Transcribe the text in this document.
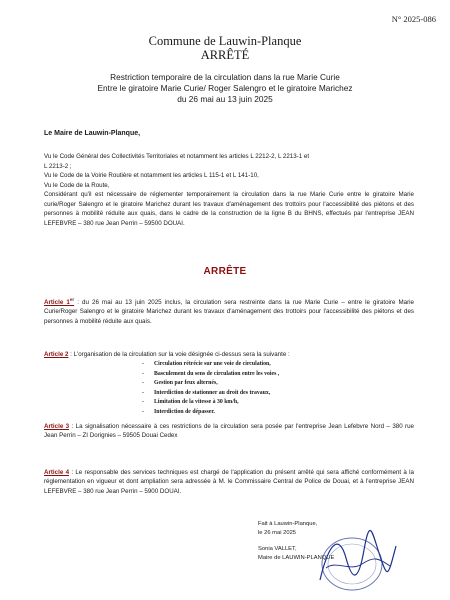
N° 2025-086
Commune de Lauwin-Planque
ARRÊTÉ
Restriction temporaire de la circulation dans la rue Marie Curie
Entre le giratoire Marie Curie/ Roger Salengro et le giratoire Marichez
du 26 mai au 13 juin 2025
Le Maire de Lauwin-Planque,

Vu le Code Général des Collectivités Territoriales et notamment les articles L 2212-2, L 2213-1 et

L 2213-2 ;

Vu le Code de la Voirie Routière et notamment les articles L 115-1 et L 141-10,

Vu le Code de la Route,

Considérant qu'il est nécessaire de réglementer temporairement la circulation dans la rue Marie Curie entre le giratoire Marie curie/Roger Salengro et le giratoire Marichez durant les travaux d'aménagement des trottoirs pour l'accessibilité des piétons et des personnes à mobilité réduite aux quais, dans le cadre de la construction de la ligne B du BHNS, effectués par l'entreprise JEAN LEFEBVRE – 380 rue Jean Perrin – 59500 DOUAI.

ARRÊTE
Article 1er : du 26 mai au 13 juin 2025 inclus, la circulation sera restreinte dans la rue Marie Curie – entre le giratoire Marie Curie/Roger Salengro et le giratoire Marichez durant les travaux d'aménagement des trottoirs pour l'accessibilité des piétons et des personnes à mobilité réduite aux quais.
Article 2 : L'organisation de la circulation sur la voie désignée ci-dessus sera la suivante :
- Circulation rétrécie sur une voie de circulation,
- Basculement du sens de circulation entre les voies ,
- Gestion par feux alternés,
- Interdiction de stationner au droit des travaux,
- Limitation de la vitesse à 30 km/h,
- Interdiction de dépasser.
Article 3 : La signalisation nécessaire à ces restrictions de la circulation sera posée par l'entreprise Jean Lefebvre Nord – 380 rue Jean Perrin – ZI Dorignies – 59505 Douai Cedex
Article 4 : Le responsable des services techniques est chargé de l'application du présent arrêté qui sera affiché conformément à la réglementation en vigueur et dont ampliation sera adressée à M. le Commissaire Central de Police de Douai, et à l'entreprise JEAN LEFEBVRE – 380 rue Jean Perrin – 5900 DOUAI.
Fait à Lauwin-Planque,
le 26 mai 2025
Sonia VALLET,
Maire de LAUWIN-PLANQUE
